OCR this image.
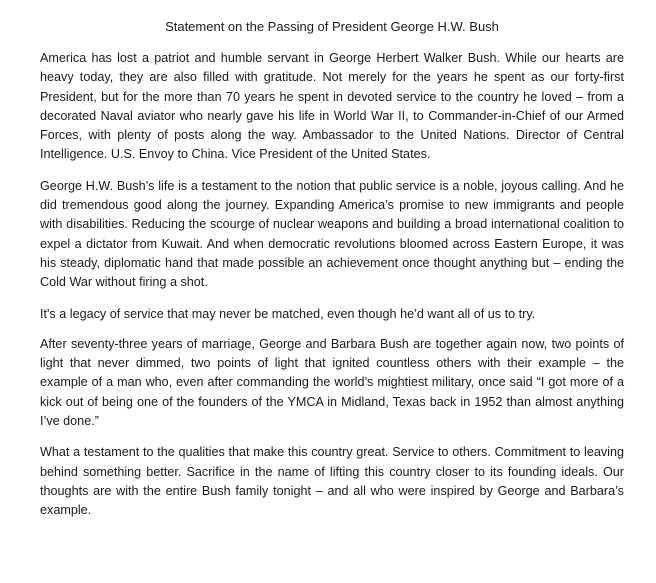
Statement on the Passing of President George H.W. Bush

America has lost a patriot and humble servant in George Herbert Walker Bush. While our hearts are heavy today, they are also filled with gratitude. Not merely for the years he spent as our forty-first President, but for the more than 70 years he spent in devoted service to the country he loved – from a decorated Naval aviator who nearly gave his life in World War II, to Commander-in-Chief of our Armed Forces, with plenty of posts along the way. Ambassador to the United Nations. Director of Central Intelligence. U.S. Envoy to China. Vice President of the United States.

George H.W. Bush’s life is a testament to the notion that public service is a noble, joyous calling. And he did tremendous good along the journey. Expanding America’s promise to new immigrants and people with disabilities. Reducing the scourge of nuclear weapons and building a broad international coalition to expel a dictator from Kuwait. And when democratic revolutions bloomed across Eastern Europe, it was his steady, diplomatic hand that made possible an achievement once thought anything but – ending the Cold War without firing a shot.

It's a legacy of service that may never be matched, even though he’d want all of us to try.

After seventy-three years of marriage, George and Barbara Bush are together again now, two points of light that never dimmed, two points of light that ignited countless others with their example – the example of a man who, even after commanding the world’s mightiest military, once said “I got more of a kick out of being one of the founders of the YMCA in Midland, Texas back in 1952 than almost anything I’ve done.”

What a testament to the qualities that make this country great. Service to others. Commitment to leaving behind something better. Sacrifice in the name of lifting this country closer to its founding ideals. Our thoughts are with the entire Bush family tonight – and all who were inspired by George and Barbara’s example.
